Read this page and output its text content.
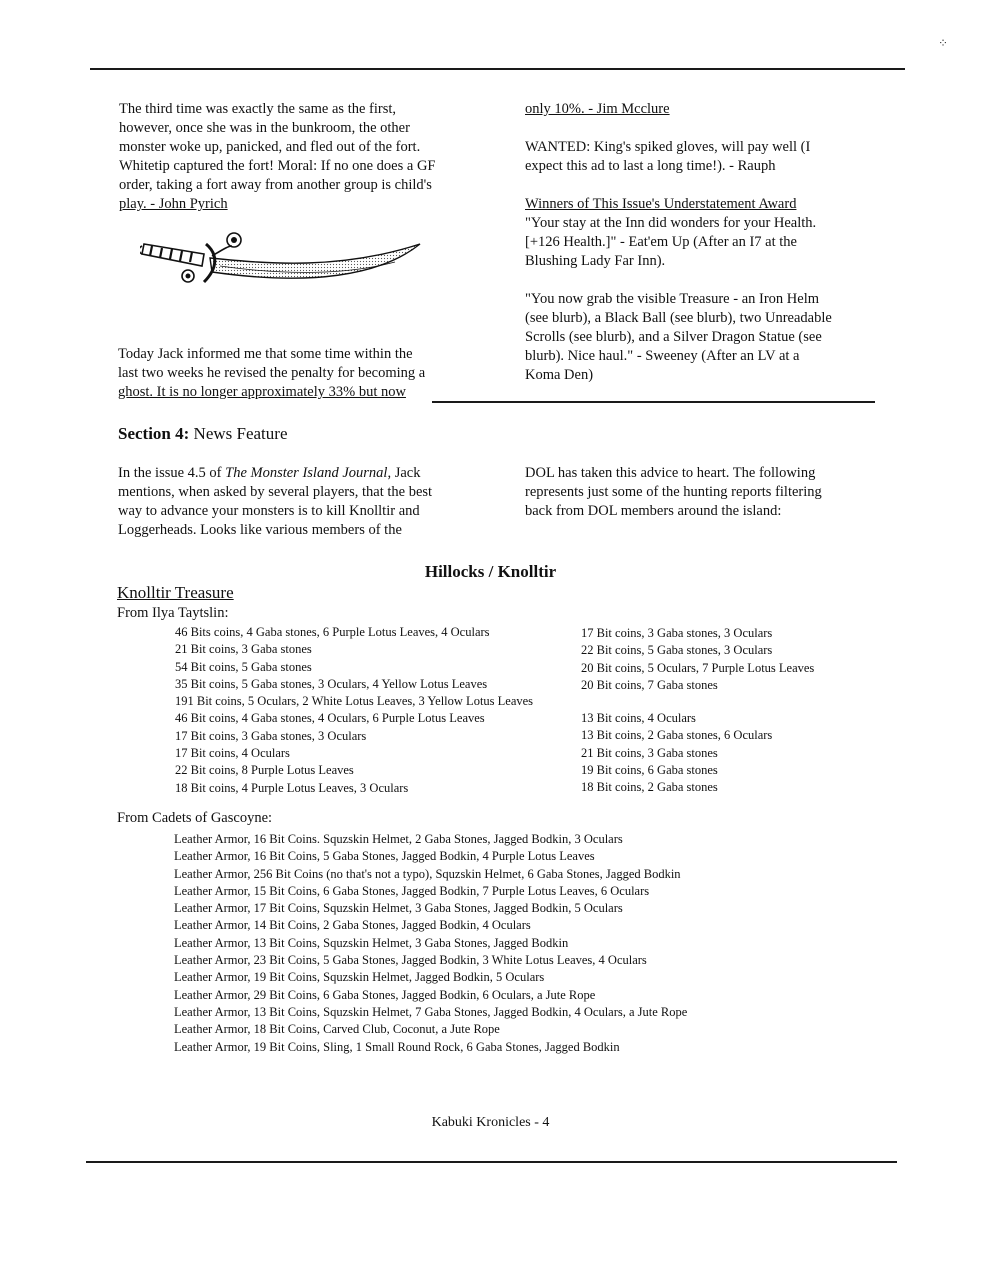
⁘

The third time was exactly the same as the first,

however, once she was in the bunkroom, the other

monster woke up, panicked, and fled out of the fort.

Whitetip captured the fort! Moral: If no one does a GF

order, taking a fort away from another group is child's

play. - John Pyrich

Today Jack informed me that some time within the

last two weeks he revised the penalty for becoming a

ghost. It is no longer approximately 33% but now

only 10%. - Jim Mcclure

WANTED: King's spiked gloves, will pay well (I

expect this ad to last a long time!). - Rauph

Winners of This Issue's Understatement Award

"Your stay at the Inn did wonders for your Health.

[+126 Health.]" - Eat'em Up (After an I7 at the

Blushing Lady Far Inn).

"You now grab the visible Treasure - an Iron Helm

(see blurb), a Black Ball (see blurb), two Unreadable

Scrolls (see blurb), and a Silver Dragon Statue (see

blurb). Nice haul." - Sweeney (After an LV at a

Koma Den)

Section 4: News Feature

In the issue 4.5 of The Monster Island Journal, Jack

mentions, when asked by several players, that the best

way to advance your monsters is to kill Knolltir and

Loggerheads. Looks like various members of the

DOL has taken this advice to heart. The following

represents just some of the hunting reports filtering

back from DOL members around the island:

Hillocks / Knolltir
Knolltir Treasure
From Ilya Taytslin:
46 Bits coins, 4 Gaba stones, 6 Purple Lotus Leaves, 4 Oculars
21 Bit coins, 3 Gaba stones
54 Bit coins, 5 Gaba stones
35 Bit coins, 5 Gaba stones, 3 Oculars, 4 Yellow Lotus Leaves
191 Bit coins, 5 Oculars, 2 White Lotus Leaves, 3 Yellow Lotus Leaves
46 Bit coins, 4 Gaba stones, 4 Oculars, 6 Purple Lotus Leaves
17 Bit coins, 3 Gaba stones, 3 Oculars
17 Bit coins, 4 Oculars
22 Bit coins, 8 Purple Lotus Leaves
18 Bit coins, 4 Purple Lotus Leaves, 3 Oculars
17 Bit coins, 3 Gaba stones, 3 Oculars
22 Bit coins, 5 Gaba stones, 3 Oculars
20 Bit coins, 5 Oculars, 7 Purple Lotus Leaves
20 Bit coins, 7 Gaba stones
13 Bit coins, 4 Oculars
13 Bit coins, 2 Gaba stones, 6 Oculars
21 Bit coins, 3 Gaba stones
19 Bit coins, 6 Gaba stones
18 Bit coins, 2 Gaba stones
From Cadets of Gascoyne:
Leather Armor, 16 Bit Coins. Squzskin Helmet, 2 Gaba Stones, Jagged Bodkin, 3 Oculars
Leather Armor, 16 Bit Coins, 5 Gaba Stones, Jagged Bodkin, 4 Purple Lotus Leaves
Leather Armor, 256 Bit Coins (no that's not a typo), Squzskin Helmet, 6 Gaba Stones, Jagged Bodkin
Leather Armor, 15 Bit Coins, 6 Gaba Stones, Jagged Bodkin, 7 Purple Lotus Leaves, 6 Oculars
Leather Armor, 17 Bit Coins, Squzskin Helmet, 3 Gaba Stones, Jagged Bodkin, 5 Oculars
Leather Armor, 14 Bit Coins, 2 Gaba Stones, Jagged Bodkin, 4 Oculars
Leather Armor, 13 Bit Coins, Squzskin Helmet, 3 Gaba Stones, Jagged Bodkin
Leather Armor, 23 Bit Coins, 5 Gaba Stones, Jagged Bodkin, 3 White Lotus Leaves, 4 Oculars
Leather Armor, 19 Bit Coins, Squzskin Helmet, Jagged Bodkin, 5 Oculars
Leather Armor, 29 Bit Coins, 6 Gaba Stones, Jagged Bodkin, 6 Oculars, a Jute Rope
Leather Armor, 13 Bit Coins, Squzskin Helmet, 7 Gaba Stones, Jagged Bodkin, 4 Oculars, a Jute Rope
Leather Armor, 18 Bit Coins, Carved Club, Coconut, a Jute Rope
Leather Armor, 19 Bit Coins, Sling, 1 Small Round Rock, 6 Gaba Stones, Jagged Bodkin
Kabuki Kronicles - 4
